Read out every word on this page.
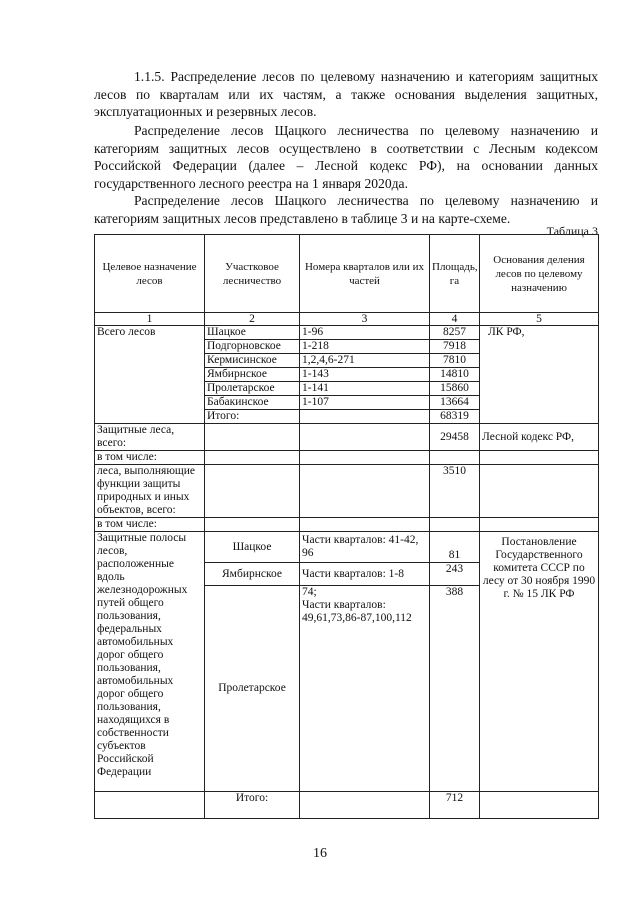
1.1.5. Распределение лесов по целевому назначению и категориям защитных лесов по кварталам или их частям, а также основания выделения защитных, эксплуатационных и резервных лесов.

Распределение лесов Щацкого лесничества по целевому назначению и категориям защитных лесов осуществлено в соответствии с Лесным кодексом Российской Федерации (далее – Лесной кодекс РФ), на основании данных государственного лесного реестра на 1 января 2020да.

Распределение лесов Шацкого лесничества по целевому назначению и категориям защитных лесов представлено в таблице 3 и на карте-схеме.

Таблица 3
Целевое назначение лесов	Участковое лесничество	Номера кварталов или их частей	Площадь, га	Основания деления лесов по целевому назначению
1	2	3	4	5
Всего лесов	Шацкое	1-96	8257	ЛК РФ,
	Подгорновское	1-218	7918	
	Кермисинское	1,2,4,6-271	7810	
	Ямбирнское	1-143	14810	
	Пролетарское	1-141	15860	
	Бабакинское	1-107	13664	
	Итого:		68319	
Защитные леса, всего:			29458	Лесной кодекс РФ,
в том числе:				
леса, выполняющие функции защиты природных и иных объектов, всего:			3510	
в том числе:				
Защитные полосы лесов, расположенные вдоль железнодорожных путей общего пользования, федеральных автомобильных дорог общего пользования, автомобильных дорог общего пользования, находящихся в собственности субъектов Российской Федерации	Шацкое	Части кварталов: 41-42, 96	81	Постановление Государственного комитета СССР по лесу от 30 ноября 1990 г. № 15 ЛК РФ
	Ямбирнское	Части кварталов: 1-8	243	
	Пролетарское	74;
Части кварталов: 49,61,73,86-87,100,112	388	
	Итого:		712	
16
